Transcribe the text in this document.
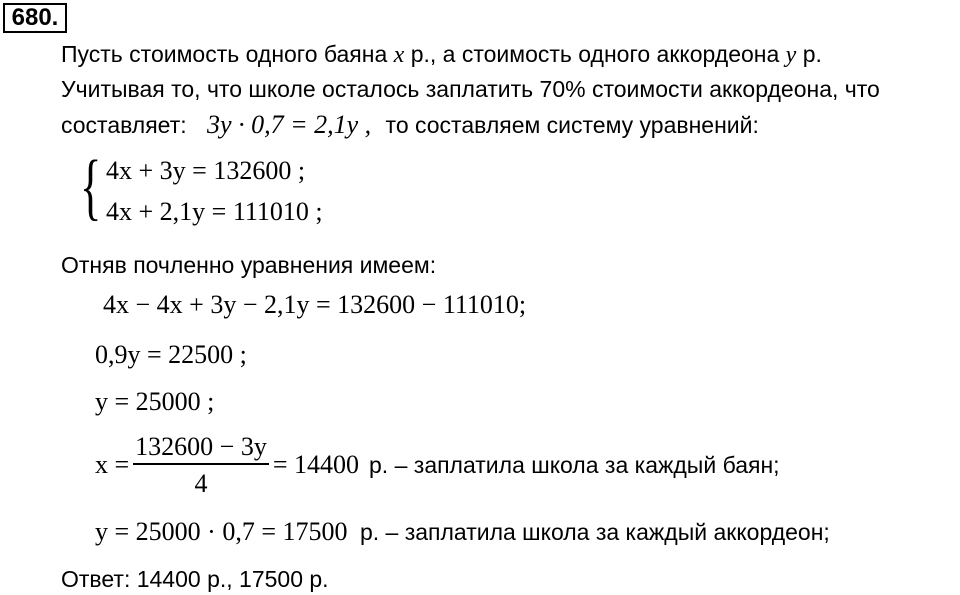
680.
Пусть стоимость одного баяна x р., а стоимость одного аккордеона y р.
Учитывая то, что школе осталось заплатить 70% стоимости аккордеона, что
составляет: 3y · 0,7 = 2,1y , то составляем систему уравнений:
{ 4x + 3y = 132600 ;
4x + 2,1y = 111010 ;
Отняв почленно уравнения имеем:
4x − 4x + 3y − 2,1y = 132600 − 111010;
0,9y = 22500 ;
y = 25000 ;
$x = \frac{132600 - 3y}{4} = 14400$ р. – заплатила школа за каждый баян;
y = 25000 · 0,7 = 17500 р. – заплатила школа за каждый аккордеон;
Ответ: 14400 р., 17500 р.
